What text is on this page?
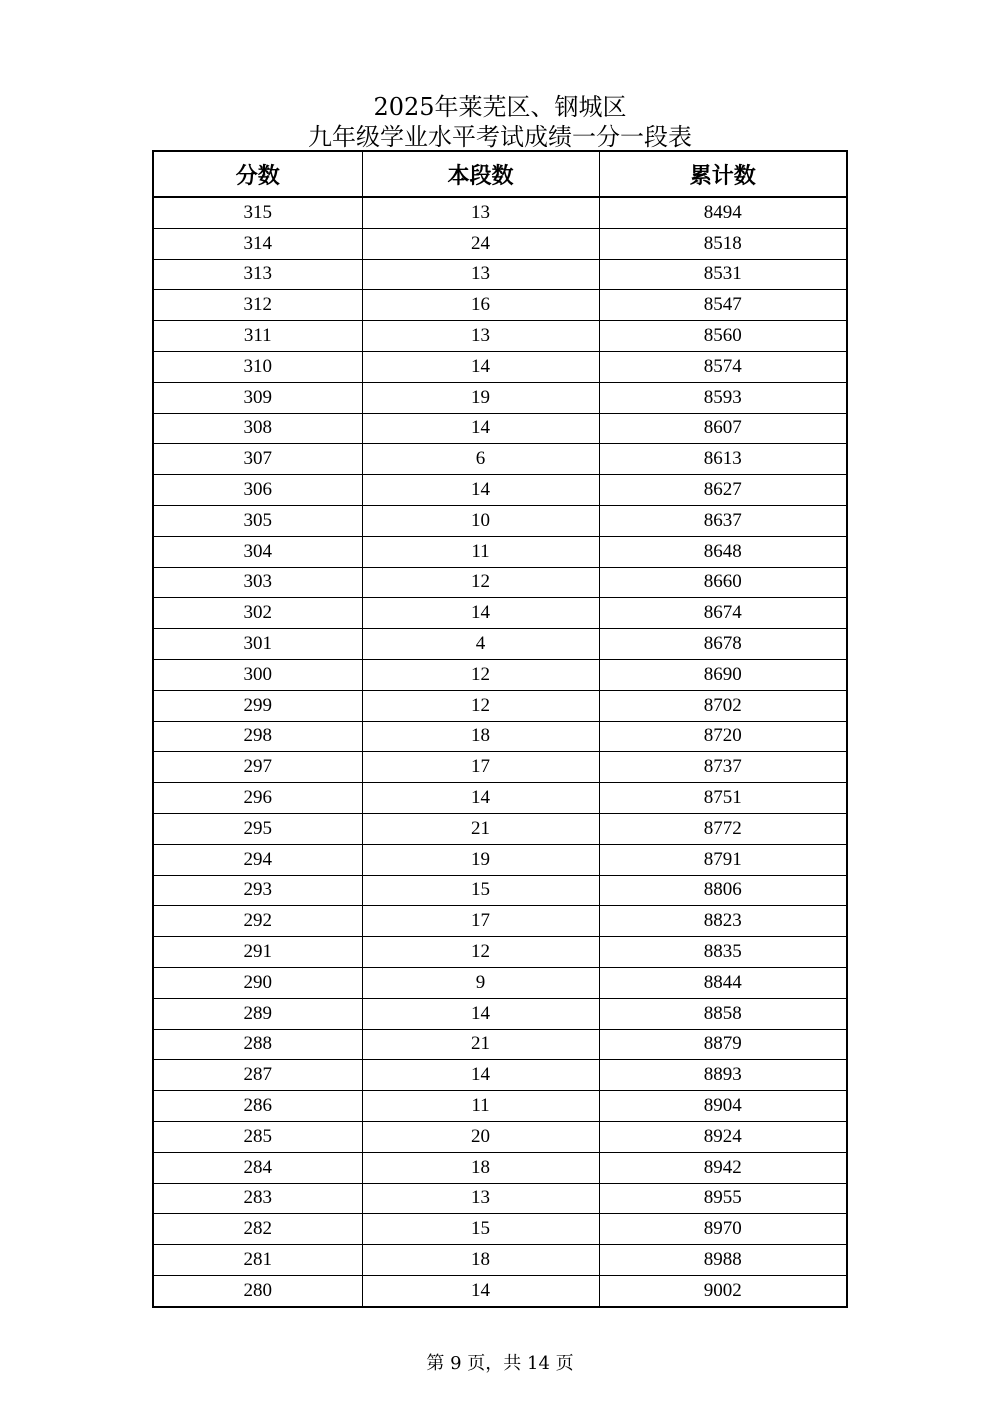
2025年莱芜区、钢城区
九年级学业水平考试成绩一分一段表
分数	本段数	累计数
315	13	8494
314	24	8518
313	13	8531
312	16	8547
311	13	8560
310	14	8574
309	19	8593
308	14	8607
307	6	8613
306	14	8627
305	10	8637
304	11	8648
303	12	8660
302	14	8674
301	4	8678
300	12	8690
299	12	8702
298	18	8720
297	17	8737
296	14	8751
295	21	8772
294	19	8791
293	15	8806
292	17	8823
291	12	8835
290	9	8844
289	14	8858
288	21	8879
287	14	8893
286	11	8904
285	20	8924
284	18	8942
283	13	8955
282	15	8970
281	18	8988
280	14	9002
第 9 页，共 14 页
